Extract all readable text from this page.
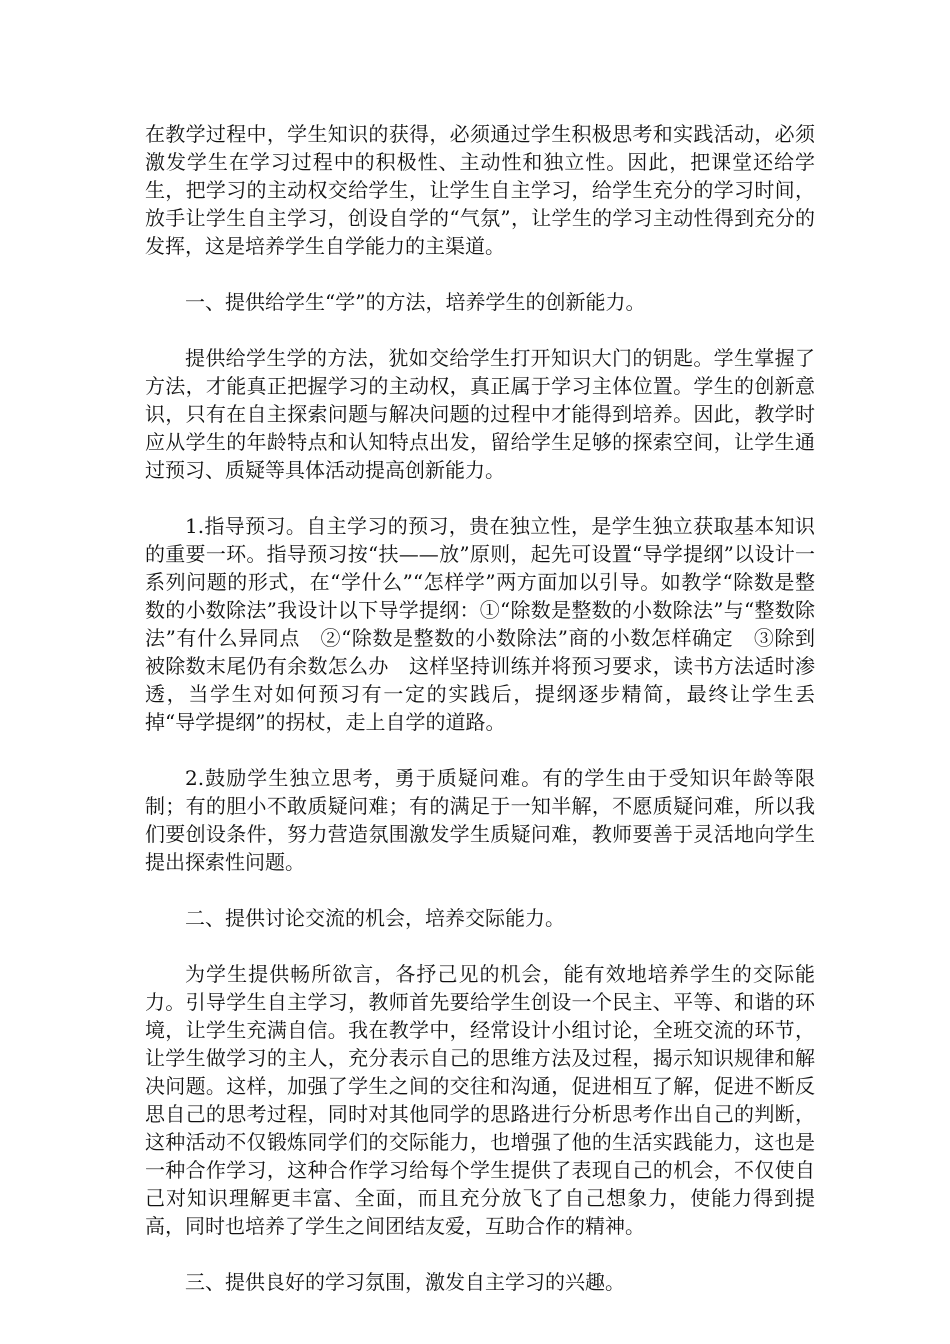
在教学过程中，学生知识的获得，必须通过学生积极思考和实践活动，必须激发学生在学习过程中的积极性、主动性和独立性。因此，把课堂还给学生，把学习的主动权交给学生，让学生自主学习，给学生充分的学习时间，放手让学生自主学习，创设自学的“气氛”，让学生的学习主动性得到充分的发挥，这是培养学生自学能力的主渠道。

一、提供给学生“学”的方法，培养学生的创新能力。

提供给学生学的方法，犹如交给学生打开知识大门的钥匙。学生掌握了方法，才能真正把握学习的主动权，真正属于学习主体位置。学生的创新意识，只有在自主探索问题与解决问题的过程中才能得到培养。因此，教学时应从学生的年龄特点和认知特点出发，留给学生足够的探索空间，让学生通过预习、质疑等具体活动提高创新能力。

1.指导预习。自主学习的预习，贵在独立性，是学生独立获取基本知识的重要一环。指导预习按“扶——放”原则，起先可设置“导学提纲”以设计一系列问题的形式，在“学什么”“怎样学”两方面加以引导。如教学“除数是整数的小数除法”我设计以下导学提纲：①“除数是整数的小数除法”与“整数除法”有什么异同点　②“除数是整数的小数除法”商的小数怎样确定　③除到被除数末尾仍有余数怎么办　这样坚持训练并将预习要求，读书方法适时渗透，当学生对如何预习有一定的实践后，提纲逐步精简，最终让学生丢掉“导学提纲”的拐杖，走上自学的道路。

2.鼓励学生独立思考，勇于质疑问难。有的学生由于受知识年龄等限制；有的胆小不敢质疑问难；有的满足于一知半解，不愿质疑问难，所以我们要创设条件，努力营造氛围激发学生质疑问难，教师要善于灵活地向学生提出探索性问题。

二、提供讨论交流的机会，培养交际能力。

为学生提供畅所欲言，各抒己见的机会，能有效地培养学生的交际能力。引导学生自主学习，教师首先要给学生创设一个民主、平等、和谐的环境，让学生充满自信。我在教学中，经常设计小组讨论，全班交流的环节，让学生做学习的主人，充分表示自己的思维方法及过程，揭示知识规律和解决问题。这样，加强了学生之间的交往和沟通，促进相互了解，促进不断反思自己的思考过程，同时对其他同学的思路进行分析思考作出自己的判断，这种活动不仅锻炼同学们的交际能力，也增强了他的生活实践能力，这也是一种合作学习，这种合作学习给每个学生提供了表现自己的机会，不仅使自己对知识理解更丰富、全面，而且充分放飞了自己想象力，使能力得到提高，同时也培养了学生之间团结友爱，互助合作的精神。

三、提供良好的学习氛围，激发自主学习的兴趣。
